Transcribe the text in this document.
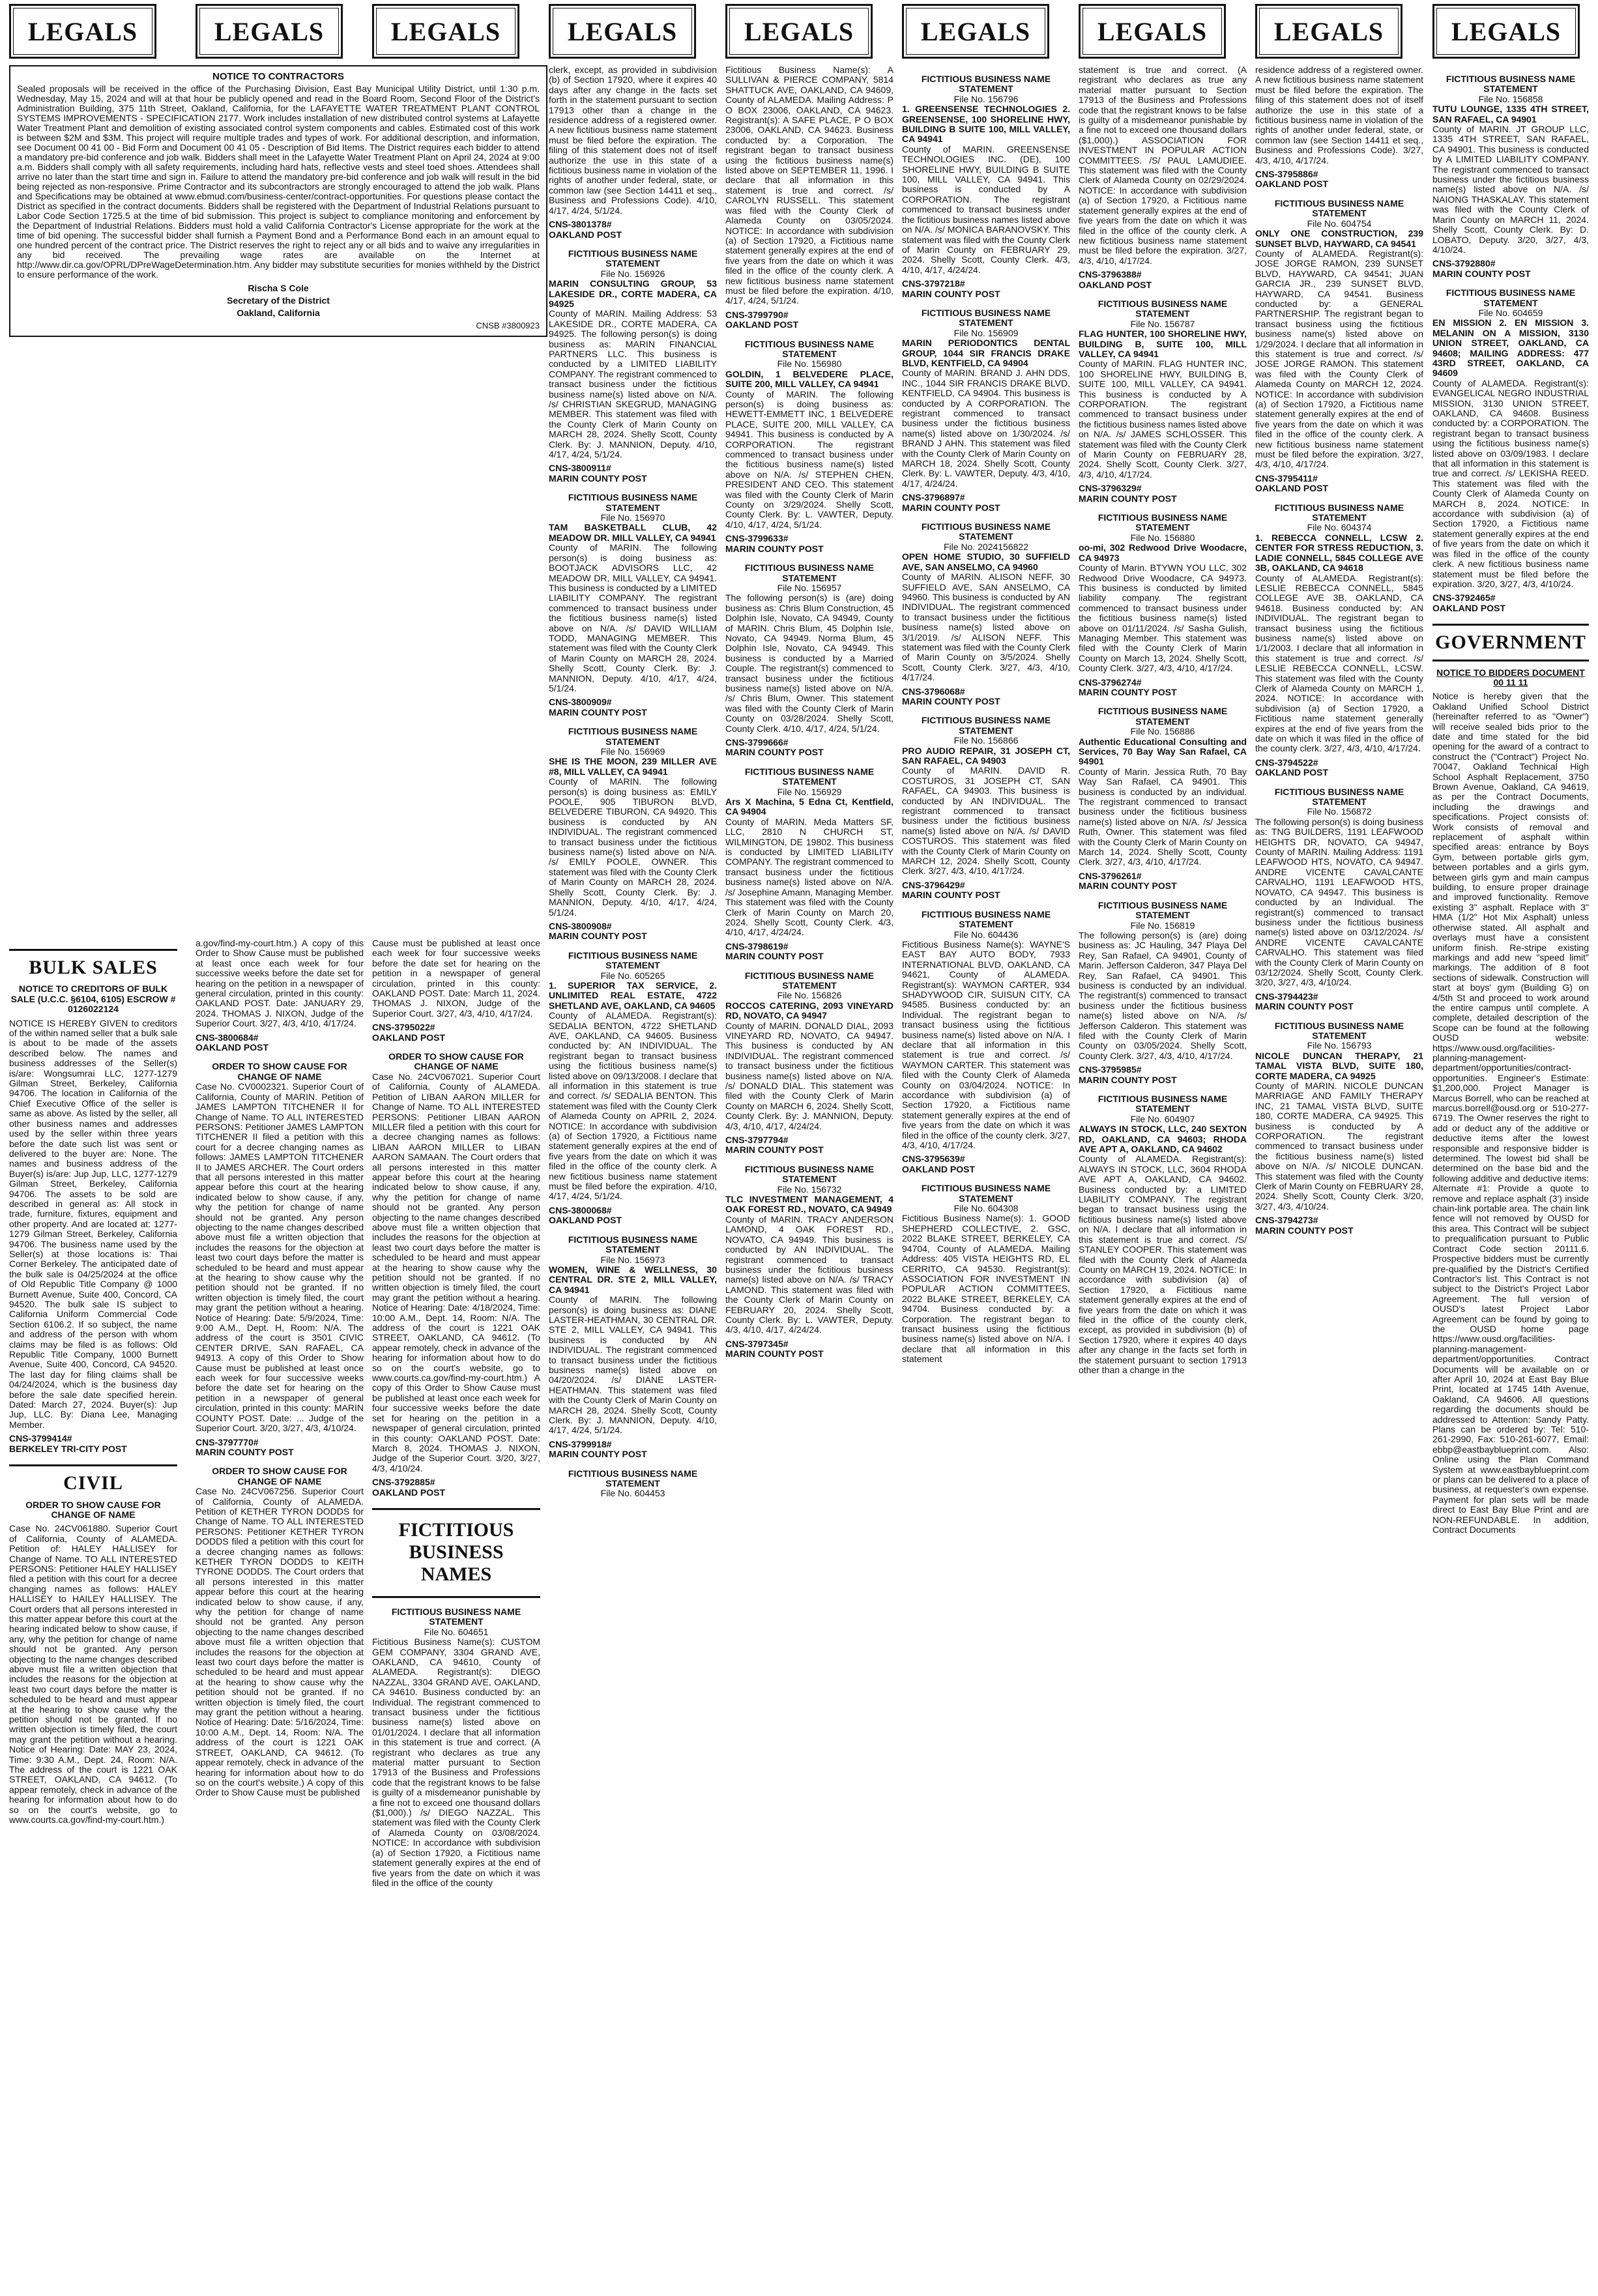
LEGALS	LEGALS	LEGALS	LEGALS	LEGALS	LEGALS	LEGALS	LEGALS	LEGALS
NOTICE TO CONTRACTORS

Sealed proposals will be received in the office of the Purchasing Division, East Bay Municipal Utility District, until 1:30 p.m. Wednesday, May 15, 2024 and will at that hour be publicly opened and read in the Board Room, Second Floor of the District's Administration Building, 375 11th Street, Oakland, California, for the LAFAYETTE WATER TREATMENT PLANT CONTROL SYSTEMS IMPROVEMENTS - SPECIFICATION 2177. Work includes installation of new distributed control systems at Lafayette Water Treatment Plant and demolition of existing associated control system components and cables. Estimated cost of this work is between $2M and $3M. This project will require multiple trades and types of work. For additional description, and information, see Document 00 41 00 - Bid Form and Document 00 41 05 - Description of Bid Items. The District requires each bidder to attend a mandatory pre-bid conference and job walk. Bidders shall meet in the Lafayette Water Treatment Plant on April 24, 2024 at 9:00 a.m. Bidders shall comply with all safety requirements, including hard hats, reflective vests and steel toed shoes. Attendees shall arrive no later than the start time and sign in. Failure to attend the mandatory pre-bid conference and job walk will result in the bid being rejected as non-responsive. Prime Contractor and its subcontractors are strongly encouraged to attend the job walk. Plans and Specifications may be obtained at www.ebmud.com/business-center/contract-opportunities. For questions please contact the District as specified in the contract documents. Bidders shall be registered with the Department of Industrial Relations pursuant to Labor Code Section 1725.5 at the time of bid submission. This project is subject to compliance monitoring and enforcement by the Department of Industrial Relations. Bidders must hold a valid California Contractor's License appropriate for the work at the time of bid opening. The successful bidder shall furnish a Payment Bond and a Performance Bond each in an amount equal to one hundred percent of the contract price. The District reserves the right to reject any or all bids and to waive any irregularities in any bid received. The prevailing wage rates are available on the Internet at http://www.dir.ca.gov/OPRL/DPreWageDetermination.htm. Any bidder may substitute securities for monies withheld by the District to ensure performance of the work.

Rischa S Cole
Secretary of the District
Oakland, California
CNSB #3800923
BULK SALES
NOTICE TO CREDITORS OF BULK SALE (U.C.C. §6104, 6105) ESCROW # 0126022124

NOTICE IS HEREBY GIVEN to creditors of the within named seller that a bulk sale is about to be made of the assets described below. The names and business addresses of the Seller(s) is/are: Wongsumrai LLC, 1277-1279 Gilman Street, Berkeley, California 94706. The location in California of the Chief Executive Office of the seller is same as above. As listed by the seller, all other business names and addresses used by the seller within three years before the date such list was sent or delivered to the buyer are: None. The names and business address of the Buyer(s) is/are: Jup Jup, LLC, 1277-1279 Gilman Street, Berkeley, California 94706. The assets to be sold are described in general as: All stock in trade, furniture, fixtures, equipment and other property. And are located at: 1277-1279 Gilman Street, Berkeley, California 94706. The business name used by the Seller(s) at those locations is: Thai Corner Berkeley. The anticipated date of the bulk sale is 04/25/2024 at the office of Old Republic Title Company @ 1000 Burnett Avenue, Suite 400, Concord, CA 94520. The bulk sale IS subject to California Uniform Commercial Code Section 6106.2. If so subject, the name and address of the person with whom claims may be filed is as follows: Old Republic Title Company, 1000 Burnett Avenue, Suite 400, Concord, CA 94520. The last day for filing claims shall be 04/24/2024, which is the business day before the sale date specified herein. Dated: March 27, 2024. Buyer(s): Jup Jup, LLC. By: Diana Lee, Managing Member.

CNS-3799414#
BERKELEY TRI-CITY POST
CIVIL
ORDER TO SHOW CAUSE FOR CHANGE OF NAME

Case No. 24CV061880. Superior Court of California, County of ALAMEDA. Petition of: HALEY HALLISEY for Change of Name. TO ALL INTERESTED PERSONS: Petitioner HALEY HALLISEY filed a petition with this court for a decree changing names as follows: HALEY HALLISEY to HAILEY HALLISEY. The Court orders that all persons interested in this matter appear before this court at the hearing indicated below to show cause, if any, why the petition for change of name should not be granted. Any person objecting to the name changes described above must file a written objection that includes the reasons for the objection at least two court days before the matter is scheduled to be heard and must appear at the hearing to show cause why the petition should not be granted. If no written objection is timely filed, the court may grant the petition without a hearing. Notice of Hearing: Date: MAY 23, 2024, Time: 9:30 A.M., Dept. 24, Room: N/A. The address of the court is 1221 OAK STREET, OAKLAND, CA 94612. (To appear remotely, check in advance of the hearing for information about how to do so on the court's website, go to www.courts.ca.gov/find-my-court.htm.)

a.gov/find-my-court.htm.) A copy of this Order to Show Cause must be published at least once each week for four successive weeks before the date set for hearing on the petition in a newspaper of general circulation, printed in this county: OAKLAND POST. Date: JANUARY 29, 2024. THOMAS J. NIXON, Judge of the Superior Court. 3/27, 4/3, 4/10, 4/17/24.

CNS-3800684#
OAKLAND POST
ORDER TO SHOW CAUSE FOR CHANGE OF NAME

Case No. CV0002321. Superior Court of California, County of MARIN. Petition of JAMES LAMPTON TITCHENER II for Change of Name. TO ALL INTERESTED PERSONS: Petitioner JAMES LAMPTON TITCHENER II filed a petition with this court for a decree changing names as follows: JAMES LAMPTON TITCHENER II to JAMES ARCHER. The Court orders that all persons interested in this matter appear before this court at the hearing indicated below to show cause, if any, why the petition for change of name should not be granted. Any person objecting to the name changes described above must file a written objection that includes the reasons for the objection at least two court days before the matter is scheduled to be heard and must appear at the hearing to show cause why the petition should not be granted. If no written objection is timely filed, the court may grant the petition without a hearing. Notice of Hearing: Date: 5/9/2024, Time: 9:00 A.M., Dept. H, Room: N/A. The address of the court is 3501 CIVIC CENTER DRIVE, SAN RAFAEL, CA 94913. A copy of this Order to Show Cause must be published at least once each week for four successive weeks before the date set for hearing on the petition in a newspaper of general circulation, printed in this county: MARIN COUNTY POST. Date: ... Judge of the Superior Court. 3/20, 3/27, 4/3, 4/10/24.

CNS-3797770#
MARIN COUNTY POST
ORDER TO SHOW CAUSE FOR CHANGE OF NAME

Case No. 24CV067256. Superior Court of California, County of ALAMEDA. Petition of KETHER TYRON DODDS for Change of Name. TO ALL INTERESTED PERSONS: Petitioner KETHER TYRON DODDS filed a petition with this court for a decree changing names as follows: KETHER TYRON DODDS to KEITH TYRONE DODDS. The Court orders that all persons interested in this matter appear before this court at the hearing indicated below to show cause, if any, why the petition for change of name should not be granted. Any person objecting to the name changes described above must file a written objection that includes the reasons for the objection at least two court days before the matter is scheduled to be heard and must appear at the hearing to show cause why the petition should not be granted. If no written objection is timely filed, the court may grant the petition without a hearing. Notice of Hearing: Date: 5/16/2024, Time: 10:00 A.M., Dept. 14, Room: N/A. The address of the court is 1221 OAK STREET, OAKLAND, CA 94612. (To appear remotely, check in advance of the hearing for information about how to do so on the court's website.) A copy of this Order to Show Cause must be published

Cause must be published at least once each week for four successive weeks before the date set for hearing on the petition in a newspaper of general circulation, printed in this county: OAKLAND POST. Date: March 11, 2024. THOMAS J. NIXON, Judge of the Superior Court. 3/27, 4/3, 4/10, 4/17/24.

CNS-3795022#
OAKLAND POST
ORDER TO SHOW CAUSE FOR CHANGE OF NAME

Case No. 24CV067021. Superior Court of California, County of ALAMEDA. Petition of LIBAN AARON MILLER for Change of Name. TO ALL INTERESTED PERSONS: Petitioner LIBAN AARON MILLER filed a petition with this court for a decree changing names as follows: LIBAN AARON MILLER to LIBAN AARON SAMAAN. The Court orders that all persons interested in this matter appear before this court at the hearing indicated below to show cause, if any, why the petition for change of name should not be granted. Any person objecting to the name changes described above must file a written objection that includes the reasons for the objection at least two court days before the matter is scheduled to be heard and must appear at the hearing to show cause why the petition should not be granted. If no written objection is timely filed, the court may grant the petition without a hearing. Notice of Hearing: Date: 4/18/2024, Time: 10:00 A.M., Dept. 14, Room: N/A. The address of the court is 1221 OAK STREET, OAKLAND, CA 94612. (To appear remotely, check in advance of the hearing for information about how to do so on the court's website, go to www.courts.ca.gov/find-my-court.htm.) A copy of this Order to Show Cause must be published at least once each week for four successive weeks before the date set for hearing on the petition in a newspaper of general circulation, printed in this county: OAKLAND POST. Date: March 8, 2024. THOMAS J. NIXON, Judge of the Superior Court. 3/20, 3/27, 4/3, 4/10/24.

CNS-3792885#
OAKLAND POST
FICTITIOUS BUSINESS NAMES
FICTITIOUS BUSINESS NAME STATEMENT
File No. 604651

Fictitious Business Name(s): CUSTOM GEM COMPANY, 3304 GRAND AVE, OAKLAND, CA 94610, County of ALAMEDA. Registrant(s): DIEGO NAZZAL, 3304 GRAND AVE, OAKLAND, CA 94610. Business conducted by: an Individual. The registrant commenced to transact business under the fictitious business name(s) listed above on 01/01/2024. I declare that all information in this statement is true and correct. (A registrant who declares as true any material matter pursuant to Section 17913 of the Business and Professions code that the registrant knows to be false is guilty of a misdemeanor punishable by a fine not to exceed one thousand dollars ($1,000).) /s/ DIEGO NAZZAL. This statement was filed with the County Clerk of Alameda County on 03/08/2024. NOTICE: In accordance with subdivision (a) of Section 17920, a Fictitious name statement generally expires at the end of five years from the date on which it was filed in the office of the county

clerk, except, as provided in subdivision (b) of Section 17920, where it expires 40 days after any change in the facts set forth in the statement pursuant to section 17913 other than a change in the residence address of a registered owner. A new fictitious business name statement must be filed before the expiration. The filing of this statement does not of itself authorize the use in this state of a fictitious business name in violation of the rights of another under federal, state, or common law (see Section 14411 et seq., Business and Professions Code). 4/10, 4/17, 4/24, 5/1/24.

CNS-3801378#
OAKLAND POST
FICTITIOUS BUSINESS NAME STATEMENT
File No. 156926
MARIN CONSULTING GROUP, 53 LAKESIDE DR., CORTE MADERA, CA 94925

County of MARIN. Mailing Address: 53 LAKESIDE DR., CORTE MADERA, CA 94925. The following person(s) is doing business as: MARIN FINANCIAL PARTNERS LLC. This business is conducted by a LIMITED LIABILITY COMPANY. The registrant commenced to transact business under the fictitious business name(s) listed above on N/A. /s/ CHRISTIAN SKEGRUD, MANAGING MEMBER. This statement was filed with the County Clerk of Marin County on MARCH 28, 2024. Shelly Scott, County Clerk. By: J. MANNION, Deputy. 4/10, 4/17, 4/24, 5/1/24.

CNS-3800911#
MARIN COUNTY POST
FICTITIOUS BUSINESS NAME STATEMENT
File No. 156970
TAM BASKETBALL CLUB, 42 MEADOW DR. MILL VALLEY, CA 94941

County of MARIN. The following person(s) is doing business as: BOOTJACK ADVISORS LLC, 42 MEADOW DR, MILL VALLEY, CA 94941. This business is conducted by a LIMITED LIABILITY COMPANY. The registrant commenced to transact business under the fictitious business name(s) listed above on N/A. /s/ DAVID WILLIAM TODD, MANAGING MEMBER. This statement was filed with the County Clerk of Marin County on MARCH 28, 2024. Shelly Scott, County Clerk. By: J. MANNION, Deputy. 4/10, 4/17, 4/24, 5/1/24.

CNS-3800909#
MARIN COUNTY POST
FICTITIOUS BUSINESS NAME STATEMENT
File No. 156969
SHE IS THE MOON, 239 MILLER AVE #8, MILL VALLEY, CA 94941

County of MARIN. The following person(s) is doing business as: EMILY POOLE, 905 TIBURON BLVD, BELVEDERE TIBURON, CA 94920. This business is conducted by AN INDIVIDUAL. The registrant commenced to transact business under the fictitious business name(s) listed above on N/A. /s/ EMILY POOLE, OWNER. This statement was filed with the County Clerk of Marin County on MARCH 28, 2024. Shelly Scott, County Clerk. By: J. MANNION, Deputy. 4/10, 4/17, 4/24, 5/1/24.

CNS-3800908#
MARIN COUNTY POST
FICTITIOUS BUSINESS NAME STATEMENT
File No. 605265
1. SUPERIOR TAX SERVICE, 2. UNLIMITED REAL ESTATE, 4722 SHETLAND AVE, OAKLAND, CA 94605

County of ALAMEDA. Registrant(s): SEDALIA BENTON, 4722 SHETLAND AVE, OAKLAND, CA 94605. Business conducted by: AN INDIVIDUAL. The registrant began to transact business using the fictitious business name(s) listed above on 09/13/2008. I declare that all information in this statement is true and correct. /s/ SEDALIA BENTON. This statement was filed with the County Clerk of Alameda County on APRIL 2, 2024. NOTICE: In accordance with subdivision (a) of Section 17920, a Fictitious name statement generally expires at the end of five years from the date on which it was filed in the office of the county clerk. A new fictitious business name statement must be filed before the expiration. 4/10, 4/17, 4/24, 5/1/24.

CNS-3800068#
OAKLAND POST
FICTITIOUS BUSINESS NAME STATEMENT
File No. 156973
WOMEN, WINE & WELLNESS, 30 CENTRAL DR. STE 2, MILL VALLEY, CA 94941

County of MARIN. The following person(s) is doing business as: DIANE LASTER-HEATHMAN, 30 CENTRAL DR. STE 2, MILL VALLEY, CA 94941. This business is conducted by AN INDIVIDUAL. The registrant commenced to transact business under the fictitious business name(s) listed above on 04/20/2024. /s/ DIANE LASTER-HEATHMAN. This statement was filed with the County Clerk of Marin County on MARCH 28, 2024. Shelly Scott, County Clerk. By: J. MANNION, Deputy. 4/10, 4/17, 4/24, 5/1/24.

CNS-3799918#
MARIN COUNTY POST
FICTITIOUS BUSINESS NAME STATEMENT
File No. 604453

Fictitious Business Name(s): A SULLIVAN & PIERCE COMPANY, 5814 SHATTUCK AVE, OAKLAND, CA 94609, County of ALAMEDA. Mailing Address: P O BOX 23006, OAKLAND, CA 94623. Registrant(s): A SAFE PLACE, P O BOX 23006, OAKLAND, CA 94623. Business conducted by: a Corporation. The registrant began to transact business using the fictitious business name(s) listed above on SEPTEMBER 11, 1996. I declare that all information in this statement is true and correct. /s/ CAROLYN RUSSELL. This statement was filed with the County Clerk of Alameda County on 03/05/2024. NOTICE: In accordance with subdivision (a) of Section 17920, a Fictitious name statement generally expires at the end of five years from the date on which it was filed in the office of the county clerk. A new fictitious business name statement must be filed before the expiration. 4/10, 4/17, 4/24, 5/1/24.

CNS-3799790#
OAKLAND POST
FICTITIOUS BUSINESS NAME STATEMENT
File No. 156980
GOLDIN, 1 BELVEDERE PLACE, SUITE 200, MILL VALLEY, CA 94941

County of MARIN. The following person(s) is doing business as: HEWETT-EMMETT INC, 1 BELVEDERE PLACE, SUITE 200, MILL VALLEY, CA 94941. This business is conducted by A CORPORATION. The registrant commenced to transact business under the fictitious business name(s) listed above on N/A. /s/ STEPHEN CHEN, PRESIDENT AND CEO. This statement was filed with the County Clerk of Marin County on 3/29/2024. Shelly Scott, County Clerk. By: L. VAWTER, Deputy. 4/10, 4/17, 4/24, 5/1/24.

CNS-3799633#
MARIN COUNTY POST
FICTITIOUS BUSINESS NAME STATEMENT
File No. 156957

The following person(s) is (are) doing business as: Chris Blum Construction, 45 Dolphin Isle, Novato, CA 94949, County of MARIN. Chris Blum, 45 Dolphin Isle, Novato, CA 94949. Norma Blum, 45 Dolphin Isle, Novato, CA 94949. This business is conducted by a Married Couple. The registrant(s) commenced to transact business under the fictitious business name(s) listed above on N/A. /s/ Chris Blum, Owner. This statement was filed with the County Clerk of Marin County on 03/28/2024. Shelly Scott, County Clerk. 4/10, 4/17, 4/24, 5/1/24.

CNS-3799666#
MARIN COUNTY POST
FICTITIOUS BUSINESS NAME STATEMENT
File No. 156929
Ars X Machina, 5 Edna Ct, Kentfield, CA 94904

County of MARIN. Meda Matters SF, LLC, 2810 N CHURCH ST, WILMINGTON, DE 19802. This business is conducted by LIMITED LIABILITY COMPANY. The registrant commenced to transact business under the fictitious business name(s) listed above on N/A. /s/ Josephine Amann, Managing Member. This statement was filed with the County Clerk of Marin County on March 20, 2024. Shelly Scott, County Clerk. 4/3, 4/10, 4/17, 4/24/24.

CNS-3798619#
MARIN COUNTY POST
FICTITIOUS BUSINESS NAME STATEMENT
File No. 156826
ROCCOS CATERING, 2093 VINEYARD RD, NOVATO, CA 94947

County of MARIN. DONALD DIAL, 2093 VINEYARD RD, NOVATO, CA 94947. This business is conducted by AN INDIVIDUAL. The registrant commenced to transact business under the fictitious business name(s) listed above on N/A. /s/ DONALD DIAL. This statement was filed with the County Clerk of Marin County on MARCH 6, 2024. Shelly Scott, County Clerk. By: J. MANNION, Deputy. 4/3, 4/10, 4/17, 4/24/24.

CNS-3797794#
MARIN COUNTY POST
FICTITIOUS BUSINESS NAME STATEMENT
File No. 156732
TLC INVESTMENT MANAGEMENT, 4 OAK FOREST RD., NOVATO, CA 94949

County of MARIN. TRACY ANDERSON LAMOND, 4 OAK FOREST RD., NOVATO, CA 94949. This business is conducted by AN INDIVIDUAL. The registrant commenced to transact business under the fictitious business name(s) listed above on N/A. /s/ TRACY LAMOND. This statement was filed with the County Clerk of Marin County on FEBRUARY 20, 2024. Shelly Scott, County Clerk. By: L. VAWTER, Deputy. 4/3, 4/10, 4/17, 4/24/24.

CNS-3797345#
MARIN COUNTY POST
FICTITIOUS BUSINESS NAME STATEMENT
File No. 156796
1. GREENSENSE TECHNOLOGIES 2. GREENSENSE, 100 SHORELINE HWY, BUILDING B SUITE 100, MILL VALLEY, CA 94941

County of MARIN. GREENSENSE TECHNOLOGIES INC. (DE), 100 SHORELINE HWY, BUILDING B SUITE 100, MILL VALLEY, CA 94941. This business is conducted by A CORPORATION. The registrant commenced to transact business under the fictitious business names listed above on N/A. /s/ MONICA BARANOVSKY. This statement was filed with the County Clerk of Marin County on FEBRUARY 29, 2024. Shelly Scott, County Clerk. 4/3, 4/10, 4/17, 4/24/24.

CNS-3797218#
MARIN COUNTY POST
FICTITIOUS BUSINESS NAME STATEMENT
File No. 156909
MARIN PERIODONTICS DENTAL GROUP, 1044 SIR FRANCIS DRAKE BLVD, KENTFIELD, CA 94904

County of MARIN. BRAND J. AHN DDS, INC., 1044 SIR FRANCIS DRAKE BLVD, KENTFIELD, CA 94904. This business is conducted by A CORPORATION. The registrant commenced to transact business under the fictitious business name(s) listed above on 1/30/2024. /s/ BRAND J AHN. This statement was filed with the County Clerk of Marin County on MARCH 18, 2024. Shelly Scott, County Clerk. By: L. VAWTER, Deputy. 4/3, 4/10, 4/17, 4/24/24.

CNS-3796897#
MARIN COUNTY POST
FICTITIOUS BUSINESS NAME STATEMENT
File No. 2024156822
OPEN HOME STUDIO, 30 SUFFIELD AVE, SAN ANSELMO, CA 94960

County of MARIN. ALISON NEFF, 30 SUFFIELD AVE, SAN ANSELMO, CA 94960. This business is conducted by AN INDIVIDUAL. The registrant commenced to transact business under the fictitious business name(s) listed above on 3/1/2019. /s/ ALISON NEFF. This statement was filed with the County Clerk of Marin County on 3/5/2024. Shelly Scott, County Clerk. 3/27, 4/3, 4/10, 4/17/24.

CNS-3796068#
MARIN COUNTY POST
FICTITIOUS BUSINESS NAME STATEMENT
File No. 156866
PRO AUDIO REPAIR, 31 JOSEPH CT, SAN RAFAEL, CA 94903

County of MARIN. DAVID R. COSTUROS, 31 JOSEPH CT, SAN RAFAEL, CA 94903. This business is conducted by AN INDIVIDUAL. The registrant commenced to transact business under the fictitious business name(s) listed above on N/A. /s/ DAVID COSTUROS. This statement was filed with the County Clerk of Marin County on MARCH 12, 2024. Shelly Scott, County Clerk. 3/27, 4/3, 4/10, 4/17/24.

CNS-3796429#
MARIN COUNTY POST
FICTITIOUS BUSINESS NAME STATEMENT
File No. 604436

Fictitious Business Name(s): WAYNE'S EAST BAY AUTO BODY, 7933 INTERNATIONAL BLVD, OAKLAND, CA 94621, County of ALAMEDA. Registrant(s): WAYMON CARTER, 934 SHADYWOOD CIR, SUISUN CITY, CA 94585. Business conducted by: an Individual. The registrant began to transact business using the fictitious business name(s) listed above on N/A. I declare that all information in this statement is true and correct. /s/ WAYMON CARTER. This statement was filed with the County Clerk of Alameda County on 03/04/2024. NOTICE: In accordance with subdivision (a) of Section 17920, a Fictitious name statement generally expires at the end of five years from the date on which it was filed in the office of the county clerk. 3/27, 4/3, 4/10, 4/17/24.

CNS-3795639#
OAKLAND POST
FICTITIOUS BUSINESS NAME STATEMENT
File No. 604308

Fictitious Business Name(s): 1. GOOD SHEPHERD COLLECTIVE, 2. GSC, 2022 BLAKE STREET, BERKELEY, CA 94704, County of ALAMEDA. Mailing Address: 405 VISTA HEIGHTS RD, EL CERRITO, CA 94530. Registrant(s): ASSOCIATION FOR INVESTMENT IN POPULAR ACTION COMMITTEES, 2022 BLAKE STREET, BERKELEY, CA 94704. Business conducted by: a Corporation. The registrant began to transact business using the fictitious business name(s) listed above on N/A. I declare that all information in this statement

statement is true and correct. (A registrant who declares as true any material matter pursuant to Section 17913 of the Business and Professions code that the registrant knows to be false is guilty of a misdemeanor punishable by a fine not to exceed one thousand dollars ($1,000).) ASSOCIATION FOR INVESTMENT IN POPULAR ACTION COMMITTEES. /S/ PAUL LAMUDIEE. This statement was filed with the County Clerk of Alameda County on 02/29/2024. NOTICE: In accordance with subdivision (a) of Section 17920, a Fictitious name statement generally expires at the end of five years from the date on which it was filed in the office of the county clerk. A new fictitious business name statement must be filed before the expiration. 3/27, 4/3, 4/10, 4/17/24.

CNS-3796388#
OAKLAND POST
FICTITIOUS BUSINESS NAME STATEMENT
File No. 156787
FLAG HUNTER, 100 SHORELINE HWY, BUILDING B, SUITE 100, MILL VALLEY, CA 94941

County of MARIN. FLAG HUNTER INC, 100 SHORELINE HWY, BUILDING B, SUITE 100, MILL VALLEY, CA 94941. This business is conducted by A CORPORATION. The registrant commenced to transact business under the fictitious business names listed above on N/A. /s/ JAMES SCHLOSSER. This statement was filed with the County Clerk of Marin County on FEBRUARY 28, 2024. Shelly Scott, County Clerk. 3/27, 4/3, 4/10, 4/17/24.

CNS-3796329#
MARIN COUNTY POST
FICTITIOUS BUSINESS NAME STATEMENT
File No. 156880
oo-mi, 302 Redwood Drive Woodacre, CA 94973

County of Marin. BTYWN YOU LLC, 302 Redwood Drive Woodacre, CA 94973. This business is conducted by limited liability company. The registrant commenced to transact business under the fictitious business name(s) listed above on 01/11/2024. /s/ Sasha Gulish, Managing Member. This statement was filed with the County Clerk of Marin County on March 13, 2024. Shelly Scott, County Clerk. 3/27, 4/3, 4/10, 4/17/24.

CNS-3796274#
MARIN COUNTY POST
FICTITIOUS BUSINESS NAME STATEMENT
File No. 156886
Authentic Educational Consulting and Services, 70 Bay Way San Rafael, CA 94901

County of Marin. Jessica Ruth, 70 Bay Way San Rafael, CA 94901. This business is conducted by an individual. The registrant commenced to transact business under the fictitious business name(s) listed above on N/A. /s/ Jessica Ruth, Owner. This statement was filed with the County Clerk of Marin County on March 14, 2024. Shelly Scott, County Clerk. 3/27, 4/3, 4/10, 4/17/24.

CNS-3796261#
MARIN COUNTY POST
FICTITIOUS BUSINESS NAME STATEMENT
File No. 156819

The following person(s) is (are) doing business as: JC Hauling, 347 Playa Del Rey, San Rafael, CA 94901, County of Marin. Jefferson Calderon, 347 Playa Del Rey, San Rafael, CA 94901. This business is conducted by an individual. The registrant(s) commenced to transact business under the fictitious business name(s) listed above on N/A. /s/ Jefferson Calderon. This statement was filed with the County Clerk of Marin County on 03/05/2024. Shelly Scott, County Clerk. 3/27, 4/3, 4/10, 4/17/24.

CNS-3795985#
MARIN COUNTY POST
FICTITIOUS BUSINESS NAME STATEMENT
File No. 604907
ALWAYS IN STOCK, LLC, 240 SEXTON RD, OAKLAND, CA 94603; RHODA AVE APT A, OAKLAND, CA 94602

County of ALAMEDA. Registrant(s): ALWAYS IN STOCK, LLC, 3604 RHODA AVE APT A, OAKLAND, CA 94602. Business conducted by: a LIMITED LIABILITY COMPANY. The registrant began to transact business using the fictitious business name(s) listed above on N/A. I declare that all information in this statement is true and correct. /S/ STANLEY COOPER. This statement was filed with the County Clerk of Alameda County on MARCH 19, 2024. NOTICE: In accordance with subdivision (a) of Section 17920, a Fictitious name statement generally expires at the end of five years from the date on which it was filed in the office of the county clerk, except, as provided in subdivision (b) of Section 17920, where it expires 40 days after any change in the facts set forth in the statement pursuant to section 17913 other than a change in the

residence address of a registered owner. A new fictitious business name statement must be filed before the expiration. The filing of this statement does not of itself authorize the use in this state of a fictitious business name in violation of the rights of another under federal, state, or common law (see Section 14411 et seq., Business and Professions Code). 3/27, 4/3, 4/10, 4/17/24.

CNS-3795886#
OAKLAND POST
FICTITIOUS BUSINESS NAME STATEMENT
File No. 604754
ONLY ONE CONSTRUCTION, 239 SUNSET BLVD, HAYWARD, CA 94541

County of ALAMEDA. Registrant(s): JOSE JORGE RAMON, 239 SUNSET BLVD, HAYWARD, CA 94541; JUAN GARCIA JR., 239 SUNSET BLVD, HAYWARD, CA 94541. Business conducted by: a GENERAL PARTNERSHIP. The registrant began to transact business using the fictitious business name(s) listed above on 1/29/2024. I declare that all information in this statement is true and correct. /s/ JOSE JORGE RAMON. This statement was filed with the County Clerk of Alameda County on MARCH 12, 2024. NOTICE: In accordance with subdivision (a) of Section 17920, a Fictitious name statement generally expires at the end of five years from the date on which it was filed in the office of the county clerk. A new fictitious business name statement must be filed before the expiration. 3/27, 4/3, 4/10, 4/17/24.

CNS-3795411#
OAKLAND POST
FICTITIOUS BUSINESS NAME STATEMENT
File No. 604374
1. REBECCA CONNELL, LCSW 2. CENTER FOR STRESS REDUCTION, 3. LADIE CONNELL, 5845 COLLEGE AVE 3B, OAKLAND, CA 94618

County of ALAMEDA. Registrant(s): LESLIE REBECCA CONNELL, 5845 COLLEGE AVE 3B, OAKLAND, CA 94618. Business conducted by: AN INDIVIDUAL. The registrant began to transact business using the fictitious business name(s) listed above on 1/1/2003. I declare that all information in this statement is true and correct. /s/ LESLIE REBECCA CONNELL, LCSW. This statement was filed with the County Clerk of Alameda County on MARCH 1, 2024. NOTICE: In accordance with subdivision (a) of Section 17920, a Fictitious name statement generally expires at the end of five years from the date on which it was filed in the office of the county clerk. 3/27, 4/3, 4/10, 4/17/24.

CNS-3794522#
OAKLAND POST
FICTITIOUS BUSINESS NAME STATEMENT
File No. 156872

The following person(s) is doing business as: TNG BUILDERS, 1191 LEAFWOOD HEIGHTS DR, NOVATO, CA 94947, County of MARIN. Mailing Address: 1191 LEAFWOOD HTS, NOVATO, CA 94947. ANDRE VICENTE CAVALCANTE CARVALHO, 1191 LEAFWOOD HTS, NOVATO, CA 94947. This business is conducted by an Individual. The registrant(s) commenced to transact business under the fictitious business name(s) listed above on 03/12/2024. /s/ ANDRE VICENTE CAVALCANTE CARVALHO. This statement was filed with the County Clerk of Marin County on 03/12/2024. Shelly Scott, County Clerk. 3/20, 3/27, 4/3, 4/10/24.

CNS-3794423#
MARIN COUNTY POST
FICTITIOUS BUSINESS NAME STATEMENT
File No. 156793
NICOLE DUNCAN THERAPY, 21 TAMAL VISTA BLVD, SUITE 180, CORTE MADERA, CA 94925

County of MARIN. NICOLE DUNCAN MARRIAGE AND FAMILY THERAPY INC, 21 TAMAL VISTA BLVD, SUITE 180, CORTE MADERA, CA 94925. This business is conducted by A CORPORATION. The registrant commenced to transact business under the fictitious business name(s) listed above on N/A. /s/ NICOLE DUNCAN. This statement was filed with the County Clerk of Marin County on FEBRUARY 28, 2024. Shelly Scott, County Clerk. 3/20, 3/27, 4/3, 4/10/24.

CNS-3794273#
MARIN COUNTY POST
FICTITIOUS BUSINESS NAME STATEMENT
File No. 156858
TUTU LOUNGE, 1335 4TH STREET, SAN RAFAEL, CA 94901

County of MARIN. JT GROUP LLC, 1335 4TH STREET, SAN RAFAEL, CA 94901. This business is conducted by A LIMITED LIABILITY COMPANY. The registrant commenced to transact business under the fictitious business name(s) listed above on N/A. /s/ NAIONG THASKALAY. This statement was filed with the County Clerk of Marin County on MARCH 11, 2024. Shelly Scott, County Clerk. By: D. LOBATO, Deputy. 3/20, 3/27, 4/3, 4/10/24.

CNS-3792880#
MARIN COUNTY POST
FICTITIOUS BUSINESS NAME STATEMENT
File No. 604659
EN MISSION 2. EN MISSION 3. MELANIN ON A MISSION, 3130 UNION STREET, OAKLAND, CA 94608; MAILING ADDRESS: 477 43RD STREET, OAKLAND, CA 94609

County of ALAMEDA. Registrant(s): EVANGELICAL NEGRO INDUSTRIAL MISSION, 3130 UNION STREET, OAKLAND, CA 94608. Business conducted by: a CORPORATION. The registrant began to transact business using the fictitious business name(s) listed above on 03/09/1983. I declare that all information in this statement is true and correct. /s/ LEKISHA REED. This statement was filed with the County Clerk of Alameda County on MARCH 8, 2024. NOTICE: In accordance with subdivision (a) of Section 17920, a Fictitious name statement generally expires at the end of five years from the date on which it was filed in the office of the county clerk. A new fictitious business name statement must be filed before the expiration. 3/20, 3/27, 4/3, 4/10/24.

CNS-3792465#
OAKLAND POST
GOVERNMENT
NOTICE TO BIDDERS DOCUMENT 00 11 11

Notice is hereby given that the Oakland Unified School District (hereinafter referred to as "Owner") will receive sealed bids prior to the date and time stated for the bid opening for the award of a contract to construct the ("Contract") Project No. 70047, Oakland Technical High School Asphalt Replacement, 3750 Brown Avenue, Oakland, CA 94619, as per the Contract Documents, including the drawings and specifications. Project consists of: Work consists of removal and replacement of asphalt within specified areas: entrance by Boys Gym, between portable girls gym, between portables and a girls gym, between girls gym and main campus building, to ensure proper drainage and improved functionality. Remove existing 3" asphalt. Replace with 3" HMA (1/2" Hot Mix Asphalt) unless otherwise stated. All asphalt and overlays must have a consistent uniform finish. Re-stripe existing markings and add new "speed limit" markings. The addition of 8 foot sections of sidewalk. Construction will start at boys' gym (Building G) on 4/5th St and proceed to work around the entire campus until complete. A complete, detailed description of the Scope can be found at the following OUSD website: https://www.ousd.org/facilities-planning-management-department/opportunities/contract-opportunities. Engineer's Estimate: $1,200,000. Project Manager is Marcus Borrell, who can be reached at marcus.borrell@ousd.org or 510-277-6719. The Owner reserves the right to add or deduct any of the additive or deductive items after the lowest responsible and responsive bidder is determined. The lowest bid shall be determined on the base bid and the following additive and deductive items: Alternate #1: Provide a quote to remove and replace asphalt (3') inside chain-link portable area. The chain link fence will not removed by OUSD for this area. This Contract will be subject to prequalification pursuant to Public Contract Code section 20111.6. Prospective bidders must be currently pre-qualified by the District's Certified Contractor's list. This Contract is not subject to the District's Project Labor Agreement. The full version of OUSD's latest Project Labor Agreement can be found by going to the OUSD home page https://www.ousd.org/facilities-planning-management-department/opportunities. Contract Documents will be available on or after April 10, 2024 at East Bay Blue Print, located at 1745 14th Avenue, Oakland, CA 94606. All questions regarding the documents should be addressed to Attention: Sandy Patty. Plans can be ordered by: Tel: 510-261-2990, Fax: 510-261-6077, Email: ebbp@eastbayblueprint.com. Also: Online using the Plan Command System at www.eastbayblueprint.com or plans can be delivered to a place of business, at requester's own expense. Payment for plan sets will be made direct to East Bay Blue Print and are NON-REFUNDABLE. In addition, Contract Documents
